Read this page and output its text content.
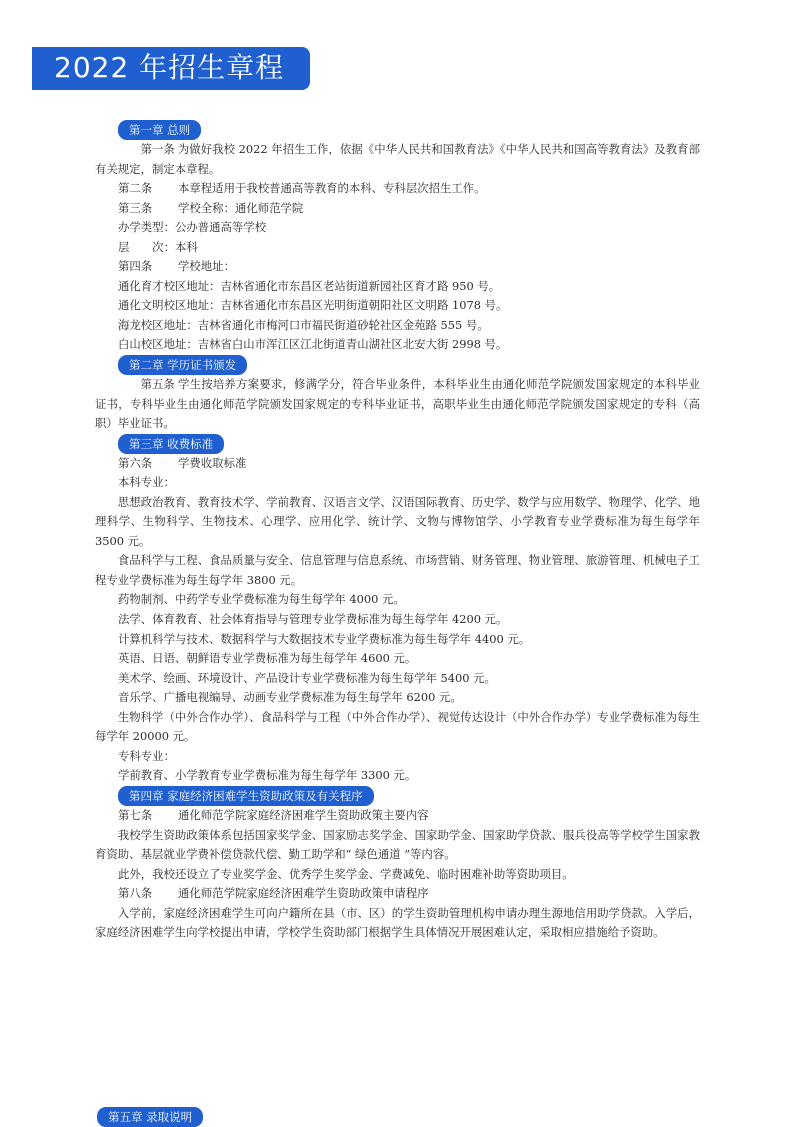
2022 年招生章程
第一章 总则

第一条 为做好我校 2022 年招生工作，依据《中华人民共和国教育法》《中华人民共和国高等教育法》及教育部有关规定，制定本章程。

第二条 本章程适用于我校普通高等教育的本科、专科层次招生工作。

第三条 学校全称：通化师范学院

办学类型：公办普通高等学校

层　　次：本科

第四条 学校地址：

通化育才校区地址：吉林省通化市东昌区老站街道新园社区育才路 950 号。

通化文明校区地址：吉林省通化市东昌区光明街道朝阳社区文明路 1078 号。

海龙校区地址：吉林省通化市梅河口市福民街道砂轮社区金苑路 555 号。

白山校区地址：吉林省白山市浑江区江北街道青山湖社区北安大街 2998 号。

第二章 学历证书颁发

第五条 学生按培养方案要求，修满学分，符合毕业条件，本科毕业生由通化师范学院颁发国家规定的本科毕业证书，专科毕业生由通化师范学院颁发国家规定的专科毕业证书，高职毕业生由通化师范学院颁发国家规定的专科（高职）毕业证书。

第三章 收费标准

第六条 学费收取标准

本科专业：

思想政治教育、教育技术学、学前教育、汉语言文学、汉语国际教育、历史学、数学与应用数学、物理学、化学、地理科学、生物科学、生物技术、心理学、应用化学、统计学、文物与博物馆学、小学教育专业学费标准为每生每学年 3500 元。

食品科学与工程、食品质量与安全、信息管理与信息系统、市场营销、财务管理、物业管理、旅游管理、机械电子工程专业学费标准为每生每学年 3800 元。

药物制剂、中药学专业学费标准为每生每学年 4000 元。

法学、体育教育、社会体育指导与管理专业学费标准为每生每学年 4200 元。

计算机科学与技术、数据科学与大数据技术专业学费标准为每生每学年 4400 元。

英语、日语、朝鲜语专业学费标准为每生每学年 4600 元。

美术学、绘画、环境设计、产品设计专业学费标准为每生每学年 5400 元。

音乐学、广播电视编导、动画专业学费标准为每生每学年 6200 元。

生物科学（中外合作办学）、食品科学与工程（中外合作办学）、视觉传达设计（中外合作办学）专业学费标准为每生每学年 20000 元。

专科专业：

学前教育、小学教育专业学费标准为每生每学年 3300 元。

第四章 家庭经济困难学生资助政策及有关程序

第七条 通化师范学院家庭经济困难学生资助政策主要内容

我校学生资助政策体系包括国家奖学金、国家励志奖学金、国家助学金、国家助学贷款、服兵役高等学校学生国家教育资助、基层就业学费补偿贷款代偿、勤工助学和“ 绿色通道 ”等内容。

此外，我校还设立了专业奖学金、优秀学生奖学金、学费减免、临时困难补助等资助项目。

第八条 通化师范学院家庭经济困难学生资助政策申请程序

入学前，家庭经济困难学生可向户籍所在县（市、区）的学生资助管理机构申请办理生源地信用助学贷款。入学后，家庭经济困难学生向学校提出申请，学校学生资助部门根据学生具体情况开展困难认定，采取相应措施给予资助。

第五章 录取说明
